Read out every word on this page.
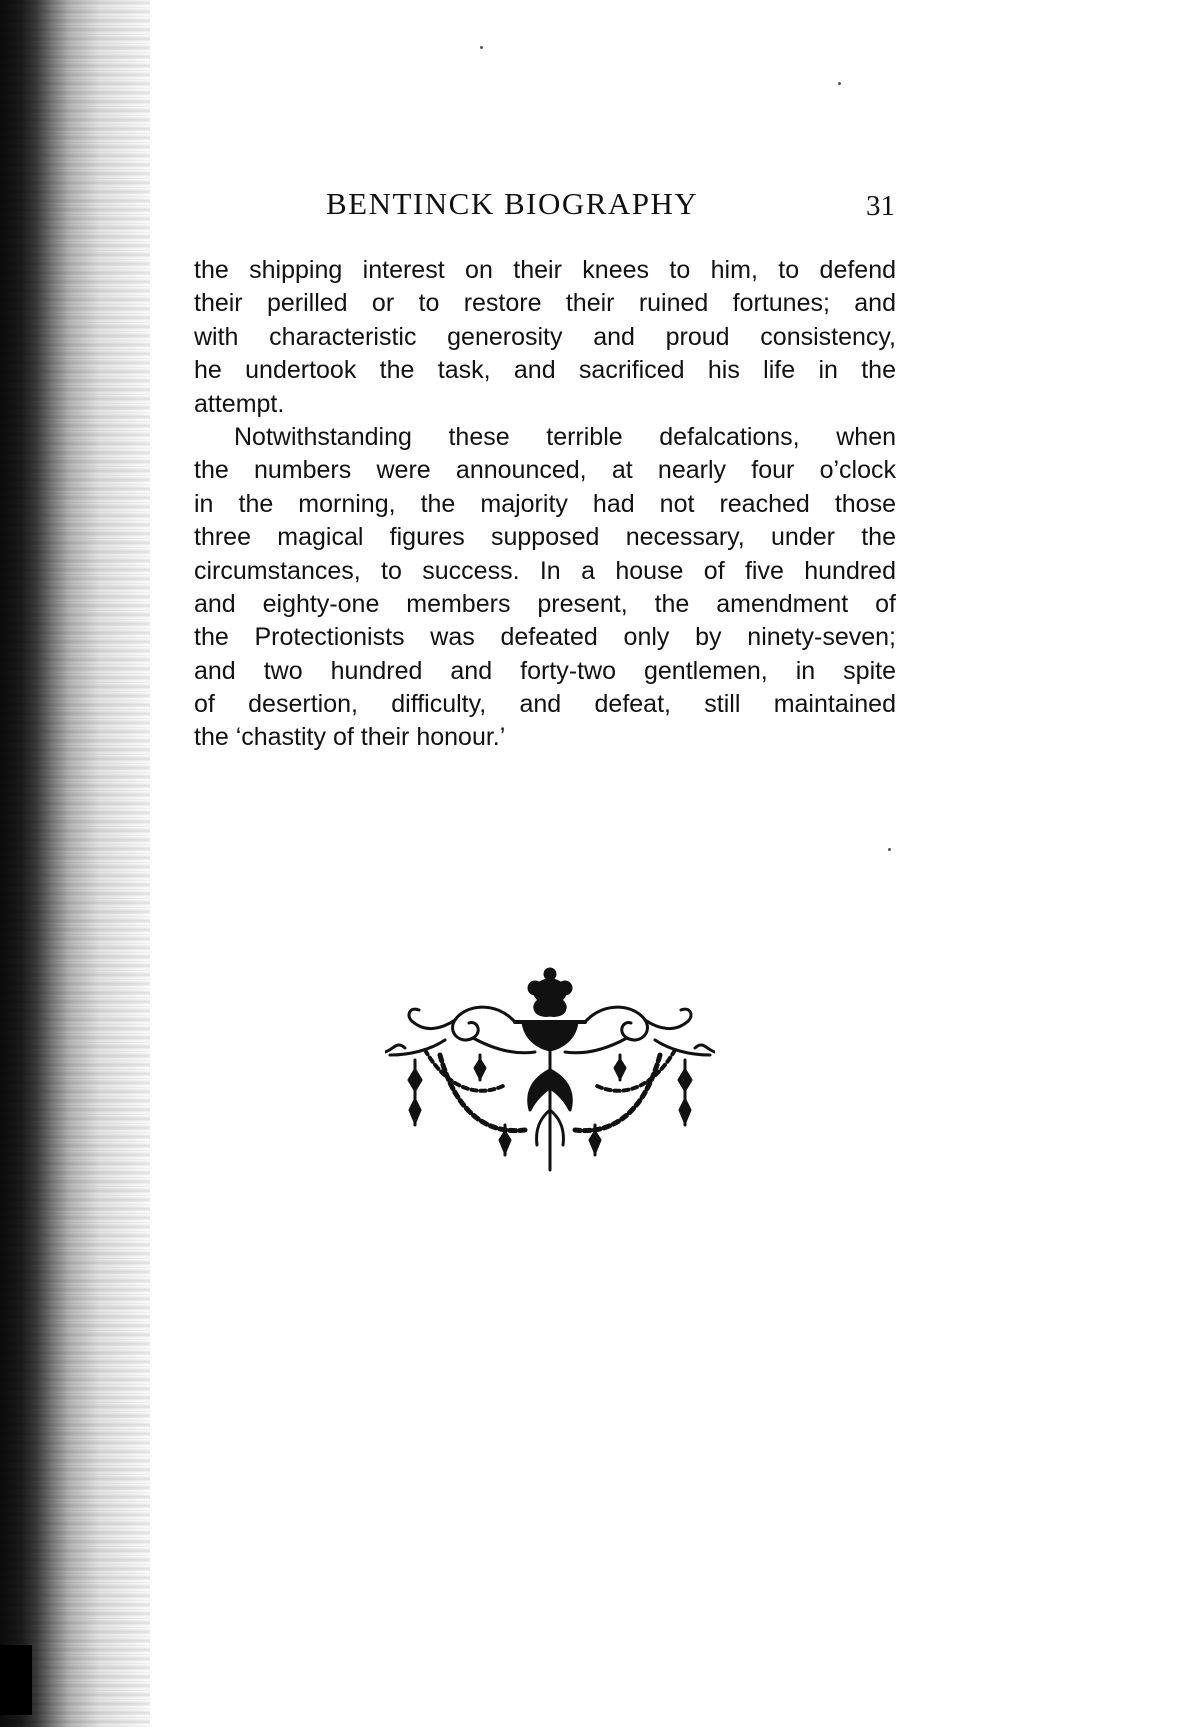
BENTINCK BIOGRAPHY	31
the shipping interest on their knees to him, to defend
their perilled or to restore their ruined fortunes; and
with characteristic generosity and proud consistency,
he undertook the task, and sacrificed his life in the
attempt.
Notwithstanding these terrible defalcations, when
the numbers were announced, at nearly four o’clock
in the morning, the majority had not reached those
three magical figures supposed necessary, under the
circumstances, to success. In a house of five hundred
and eighty-one members present, the amendment of
the Protectionists was defeated only by ninety-seven;
and two hundred and forty-two gentlemen, in spite
of desertion, difficulty, and defeat, still maintained
the ‘chastity of their honour.’
